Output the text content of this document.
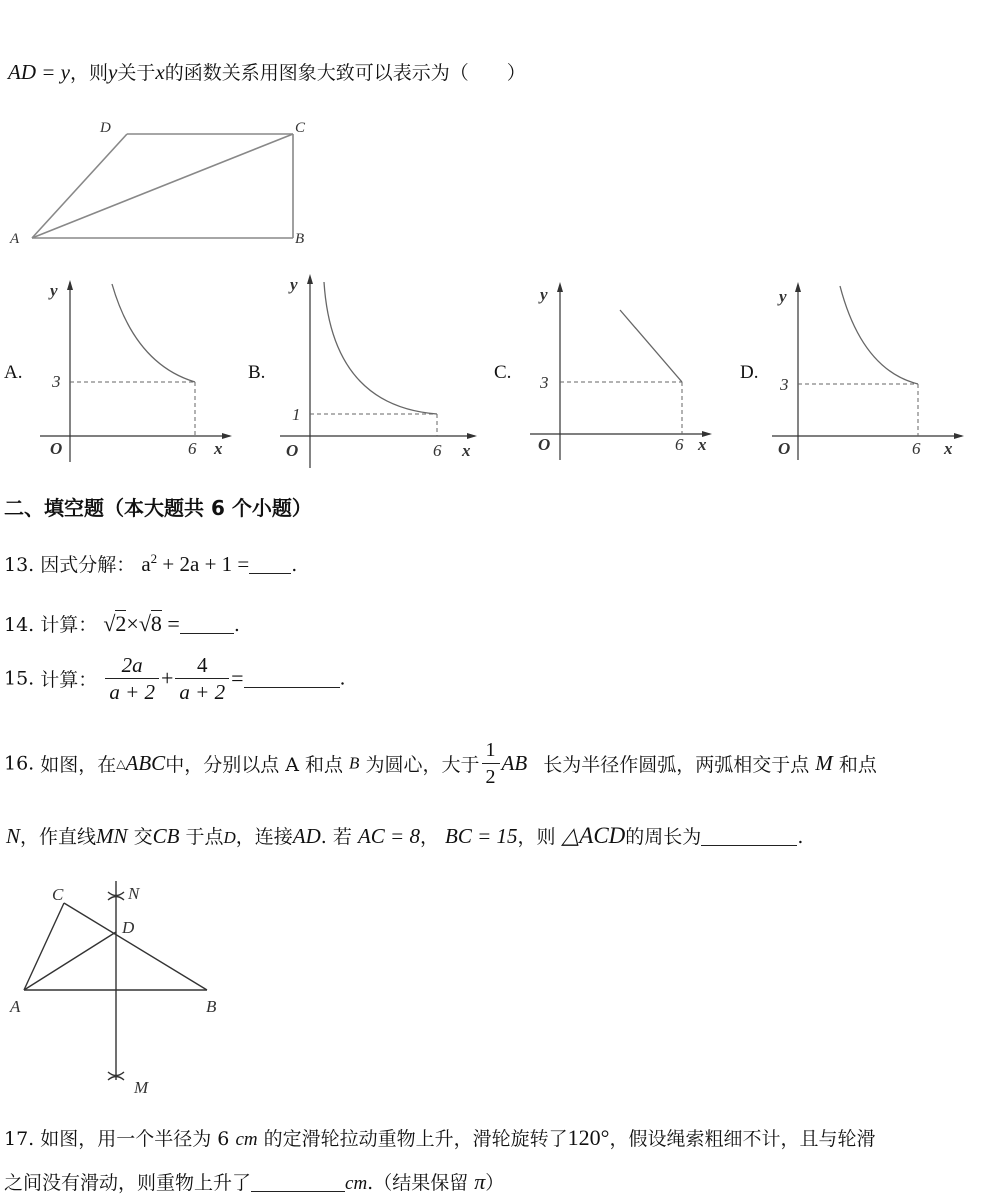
AD = y，则y关于x的函数关系用图象大致可以表示为（　　）
D	C
A	B
A.	B.	C.	D.
y
x
O
3
6
y
x
O
1
6
y
x
O
3
6
y
x
O
3
6
二、填空题（本大题共 6 个小题）
13. 因式分解： $a^2 + 2a + 1$ = .
14. 计算： √2×√8 =	.
15. 计算： $\frac{2a}{a + 2} + \frac{4}{a + 2}$ =	.
16. 如图，在△ABC中，分别以点 A 和点 B 为圆心，大于 $\frac{1}{2}$ AB 长为半径作圆弧，两弧相交于点 M 和点
N，作直线MN 交CB 于点D，连接AD. 若 AC = 8， BC = 15，则 △ACD的周长为	.
C	N
D
A	B
M
17. 如图，用一个半径为 6 cm 的定滑轮拉动重物上升，滑轮旋转了120°，假设绳索粗细不计，且与轮滑
之间没有滑动，则重物上升了	cm.（结果保留 π）
